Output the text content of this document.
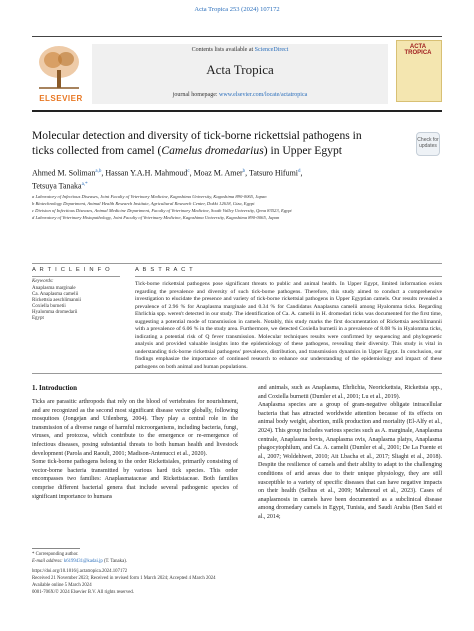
Acta Tropica 253 (2024) 107172
ELSEVIER
Contents lists available at ScienceDirect
Acta Tropica
journal homepage: www.elsevier.com/locate/actatropica
ACTA TROPICA
Molecular detection and diversity of tick-borne rickettsial pathogens in ticks collected from camel (Camelus dromedarius) in Upper Egypt
Check for updates
Ahmed M. Soliman$^{a,b}$, Hassan Y.A.H. Mahmoud$^c$, Moaz M. Amer$^b$, Tatsuro Hifumi$^d$,
Tetsuya Tanaka$^{a,*}$
a Laboratory of Infectious Diseases, Joint Faculty of Veterinary Medicine, Kagoshima University, Kagoshima 890-0065, Japan
b Biotechnology Department, Animal Health Research Institute, Agricultural Research Center, Dokki 12618, Giza, Egypt
c Division of Infectious Diseases, Animal Medicine Department, Faculty of Veterinary Medicine, South Valley University, Qena 83523, Egypt
d Laboratory of Veterinary Histopathology, Joint Faculty of Veterinary Medicine, Kagoshima University, Kagoshima 890-0065, Japan
A R T I C L E I N F O	A B S T R A C T
Keywords:
Anaplasma marginale
Ca. Anaplasma camelii
Rickettsia aeschlimannii
Coxiella burnetii
Hyalomma dromedarii
Egypt
Tick-borne rickettsial pathogens pose significant threats to public and animal health. In Upper Egypt, limited information exists regarding the prevalence and diversity of such tick-borne pathogens. Therefore, this study aimed to conduct a comprehensive investigation to elucidate the presence and variety of tick-borne rickettsial pathogens in Upper Egyptian camels. Our results revealed a prevalence of 2.96 % for Anaplasma marginale and 0.34 % for Candidatus Anaplasma camelii among Hyalomma ticks. Regarding Ehrlichia spp. weren't detected in our study. The identification of Ca. A. camelii in H. dromedari ticks was documented for the first time, suggesting a potential mode of transmission in camels. Notably, this study marks the first documentation of Rickettsia aeschlimannii with a prevalence of 6.06 % in the study area. Furthermore, we detected Coxiella burnetii in a prevalence of 8.08 % in Hyalomma ticks, indicating a potential risk of Q fever transmission. Molecular techniques results were confirmed by sequencing and phylogenetic analysis and provided valuable insights into the epidemiology of these pathogens, revealing their diversity. This study is vital in understanding tick-borne rickettsial pathogens' prevalence, distribution, and transmission dynamics in Upper Egypt. In conclusion, our findings emphasize the importance of continued research to enhance our understanding of the epidemiology and impact of these pathogens on both animal and human populations.
1. Introduction
Ticks are parasitic arthropods that rely on the blood of vertebrates for nourishment, and are recognized as the second most significant disease vector globally, following mosquitoes (Jongejan and Uilenberg, 2004). They play a central role in the transmission of a diverse range of harmful microorganisms, including bacteria, fungi, viruses, and protozoa, which contribute to the emergence or re-emergence of infectious diseases, posing substantial threats to both human health and livestock development (Parola and Raoult, 2001; Madison-Antenucci et al., 2020).
Some tick-borne pathogens belong to the order Rickettsiales, primarily consisting of vector-borne bacteria transmitted by various hard tick species. This order encompasses two families: Anaplasmataceae and Rickettsiaceae. Both families comprise different bacterial genera that include several pathogenic species of significant importance to humans
and animals, such as Anaplasma, Ehrlichia, Neorickettsia, Rickettsia spp., and Coxiella burnetii (Dumler et al., 2001; Lu et al., 2019).
Anaplasma species are a group of gram-negative obligate intracellular bacteria that has attracted worldwide attention because of its effects on animal body weight, abortion, milk production and mortality (El-Alfy et al., 2024). This group includes various species such as A. marginale, Anaplasma centrale, Anaplasma bovis, Anaplasma ovis, Anaplasma platys, Anaplasma phagocytophilum, and Ca. A. camelii (Dumler et al., 2001; De La Fuente et al., 2007; Woldehiwet, 2010; Ait Lbacha et al., 2017; Sliaghi et al., 2018). Despite the resilience of camels and their ability to adapt to the challenging conditions of arid areas due to their unique physiology, they are still susceptible to a variety of specific diseases that can have negative impacts on their health (Selhus et al., 2009; Mahmoud et al., 2023). Cases of anaplasmosis in camels have been documented as a subclinical disease among dromedary camels in Egypt, Tunisia, and Saudi Arabia (Ben Said et al., 2014;
* Corresponding author.
E-mail address: k6199431@kadai.jp (T. Tanaka).
https://doi.org/10.1016/j.actatropica.2024.107172
Received 21 November 2023; Received in revised form 1 March 2024; Accepted 4 March 2024
Available online 5 March 2024
0001-706X/© 2024 Elsevier B.V. All rights reserved.
